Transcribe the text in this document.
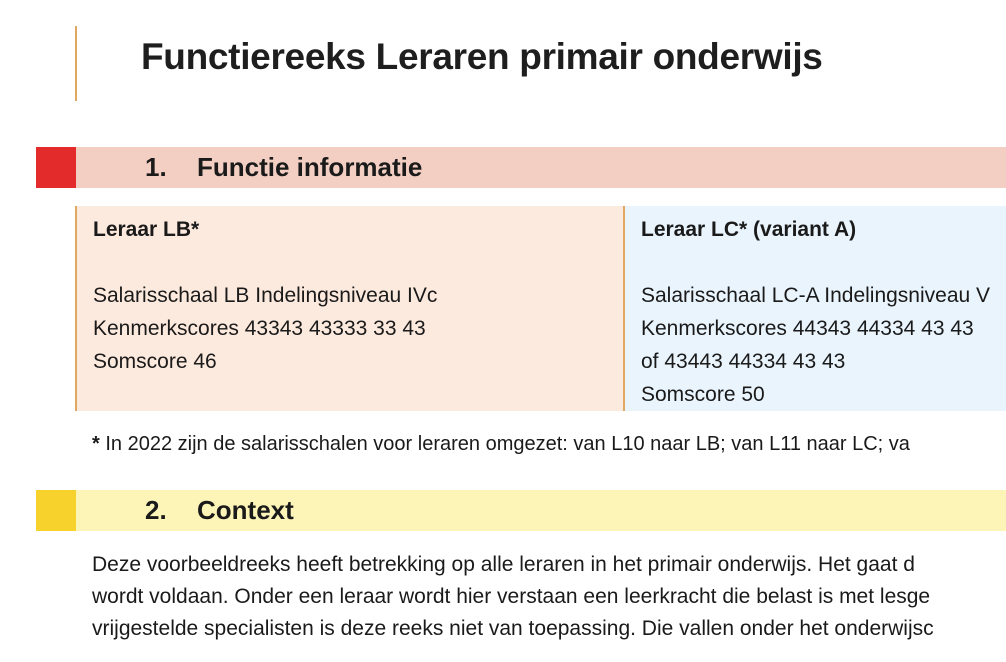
Functiereeks Leraren primair onderwijs
1. Functie informatie
Leraar LB*
Salarisschaal LB Indelingsniveau IVc
Kenmerkscores 43343 43333 33 43
Somscore 46
Leraar LC* (variant A)
Salarisschaal LC-A Indelingsniveau V
Kenmerkscores 44343 44334 43 43
of 43443 44334 43 43
Somscore 50

* In 2022 zijn de salarisschalen voor leraren omgezet: van L10 naar LB; van L11 naar LC; va

2. Context

Deze voorbeeldreeks heeft betrekking op alle leraren in het primair onderwijs. Het gaat d
wordt voldaan. Onder een leraar wordt hier verstaan een leerkracht die belast is met lesge
vrijgestelde specialisten is deze reeks niet van toepassing. Die vallen onder het onderwijsc
